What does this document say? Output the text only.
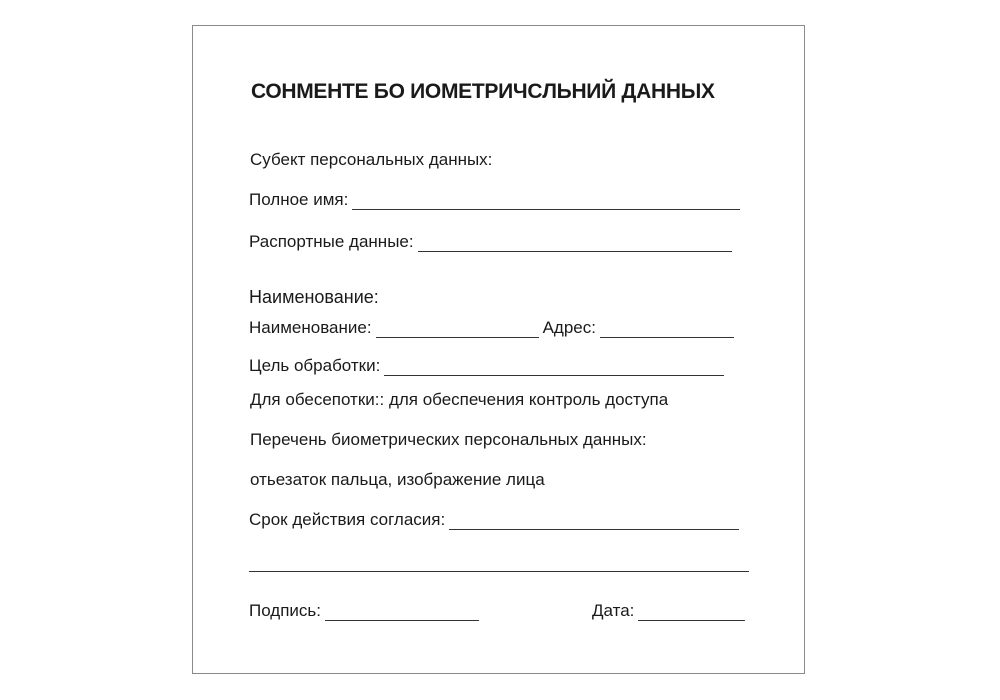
СОНМЕНТЕ БО ИОМЕТРИЧCЛЬНИЙ ДАННЫХ
Субект персональных данных:
Полное имя:
Распортные данные:
Наименование:
Наименование:	Адрес:
Цель обработки:
Для обесепотки:: для обеспечения контроль доступа
Перечень биометрических персональных данных:
отьезаток пальца, изображение лица
Срок действия согласия:
Подпись:	Дата:
